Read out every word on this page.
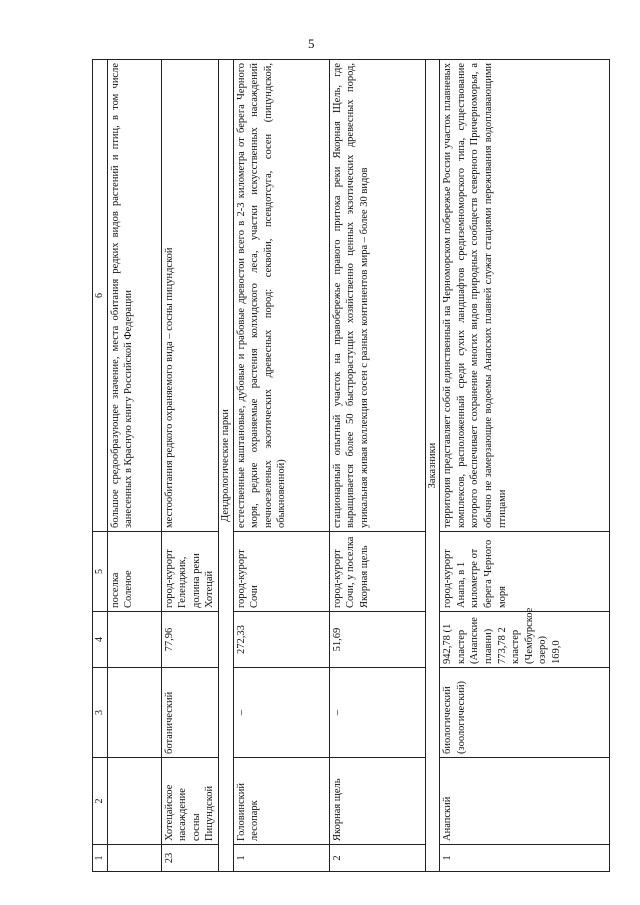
5
1	2	3	4	5	6
				поселка Соленое	большое средообразующее значение, места обитания редких видов растений и птиц, в том числе занесенных в Красную книгу Российской Федерации
23	Хотецайское насаждение сосны Пицундской	ботанический	77,96	город-курорт Геленджик, долина реки Хотецай	местообитания редкого охраняемого вида – сосны пицундской
Дендрологические парки					
1	Головинский лесопарк	–	272,33	город-курорт Сочи	естественные каштановые, дубовые и грабовые древостои всего в 2-3 километра от берега Черного моря, редкие охраняемые растения колхидского леса, участки искусственных насаждений нечноезеленых экзотических древесных пород: секвойи, псевдотсуга, сосен (пицундской, обыкновенной)
2	Якорная щель	–	51,69	город-курорт Сочи, у поселка Якорная щель	стационарный опытный участок на правобережье правого притока реки Якорная Щель, где выращивается более 50 быстрорастущих хозяйственно ценных экзотических древесных пород, уникальная живая коллекция сосен с разных континентов мира – более 30 видов
Заказники					
1	Анапский	биологический (зоологический)	942,78 (1 кластер (Анапские плавни) 773,78 2 кластер (Чембурское озеро) 169,0	город-курорт Анапа, в 1 километре от берега Черного моря	территория представляет собой единственный на Черноморском побережье России участок плавневых комплексов, расположенный среди сухих ландшафтов средиземноморского типа, существование которого обеспечивает сохранение многих видов природных сообществ северного Причерноморья, а обычно не замерзающие водоемы Анапских плавней служат стациями переживания водоплавающими птицами
